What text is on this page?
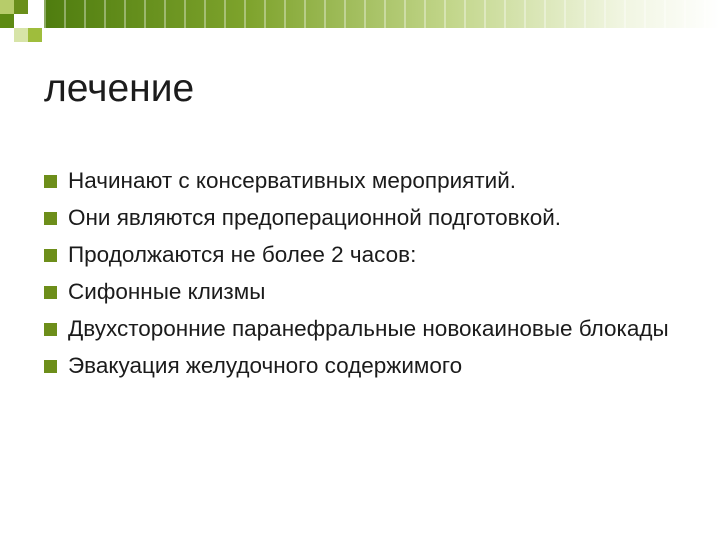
лечение
Начинают с консервативных мероприятий.
Они являются предоперационной подготовкой.
Продолжаются не более 2 часов:
Сифонные клизмы
Двухсторонние паранефральные новокаиновые блокады
Эвакуация желудочного содержимого
